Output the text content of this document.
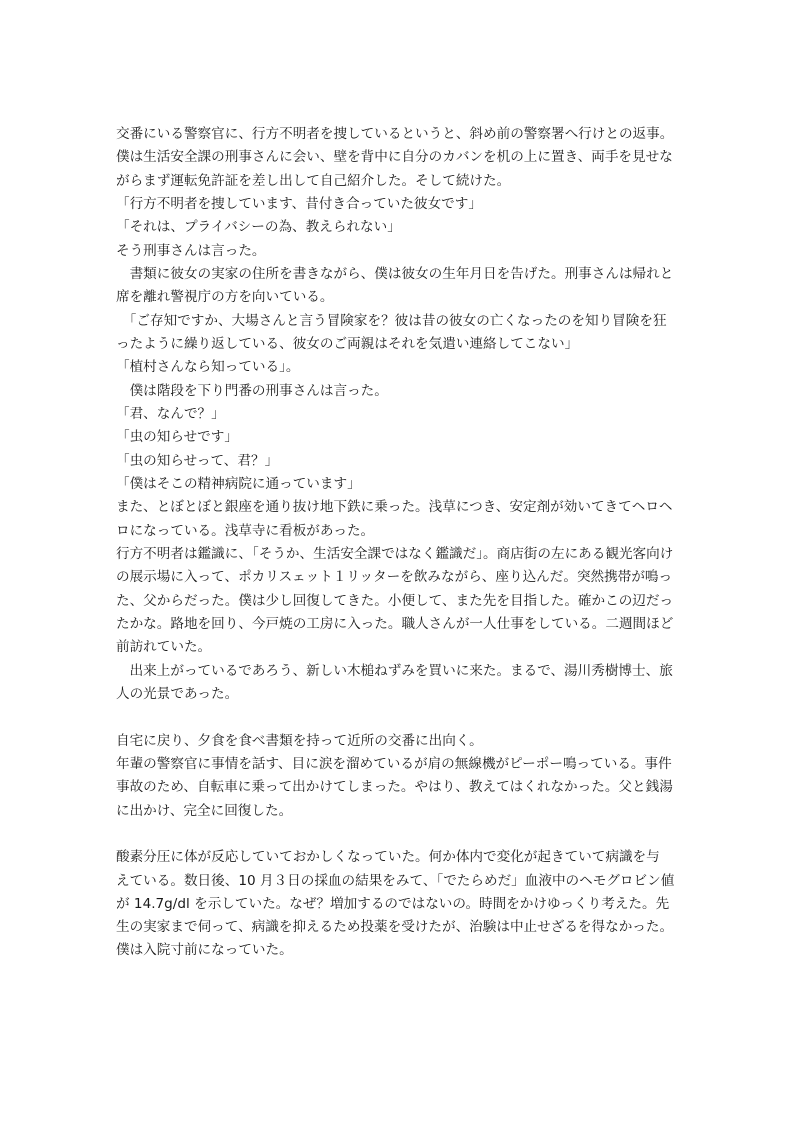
交番にいる警察官に、行方不明者を捜しているというと、斜め前の警察署へ行けとの返事。
僕は生活安全課の刑事さんに会い、壁を背中に自分のカバンを机の上に置き、両手を見せな
がらまず運転免許証を差し出して自己紹介した。そして続けた。
「行方不明者を捜しています、昔付き合っていた彼女です」
「それは、プライバシーの為、教えられない」
そう刑事さんは言った。
　書類に彼女の実家の住所を書きながら、僕は彼女の生年月日を告げた。刑事さんは帰れと
席を離れ警視庁の方を向いている。
　「ご存知ですか、大場さんと言う冒険家を？彼は昔の彼女の亡くなったのを知り冒険を狂
ったように繰り返している、彼女のご両親はそれを気遣い連絡してこない」
「植村さんなら知っている」。
　僕は階段を下り門番の刑事さんは言った。
「君、なんで？」
「虫の知らせです」
「虫の知らせって、君？」
「僕はそこの精神病院に通っています」
また、とぼとぼと銀座を通り抜け地下鉄に乗った。浅草につき、安定剤が効いてきてヘロヘ
ロになっている。浅草寺に看板があった。
行方不明者は鑑識に、「そうか、生活安全課ではなく鑑識だ」。商店街の左にある観光客向け
の展示場に入って、ポカリスェット１リッターを飲みながら、座り込んだ。突然携帯が鳴っ
た、父からだった。僕は少し回復してきた。小便して、また先を目指した。確かこの辺だっ
たかな。路地を回り、今戸焼の工房に入った。職人さんが一人仕事をしている。二週間ほど
前訪れていた。
　出来上がっているであろう、新しい木槌ねずみを買いに来た。まるで、湯川秀樹博士、旅
人の光景であった。
自宅に戻り、夕食を食べ書類を持って近所の交番に出向く。
年輩の警察官に事情を話す、目に涙を溜めているが肩の無線機がピーポー鳴っている。事件
事故のため、自転車に乗って出かけてしまった。やはり、教えてはくれなかった。父と銭湯
に出かけ、完全に回復した。
酸素分圧に体が反応していておかしくなっていた。何か体内で変化が起きていて病識を与
えている。数日後、10 月３日の採血の結果をみて、「でたらめだ」血液中のヘモグロビン値
が 14.7g/dl を示していた。なぜ？増加するのではないの。時間をかけゆっくり考えた。先
生の実家まで伺って、病識を抑えるため投薬を受けたが、治験は中止せざるを得なかった。
僕は入院寸前になっていた。
